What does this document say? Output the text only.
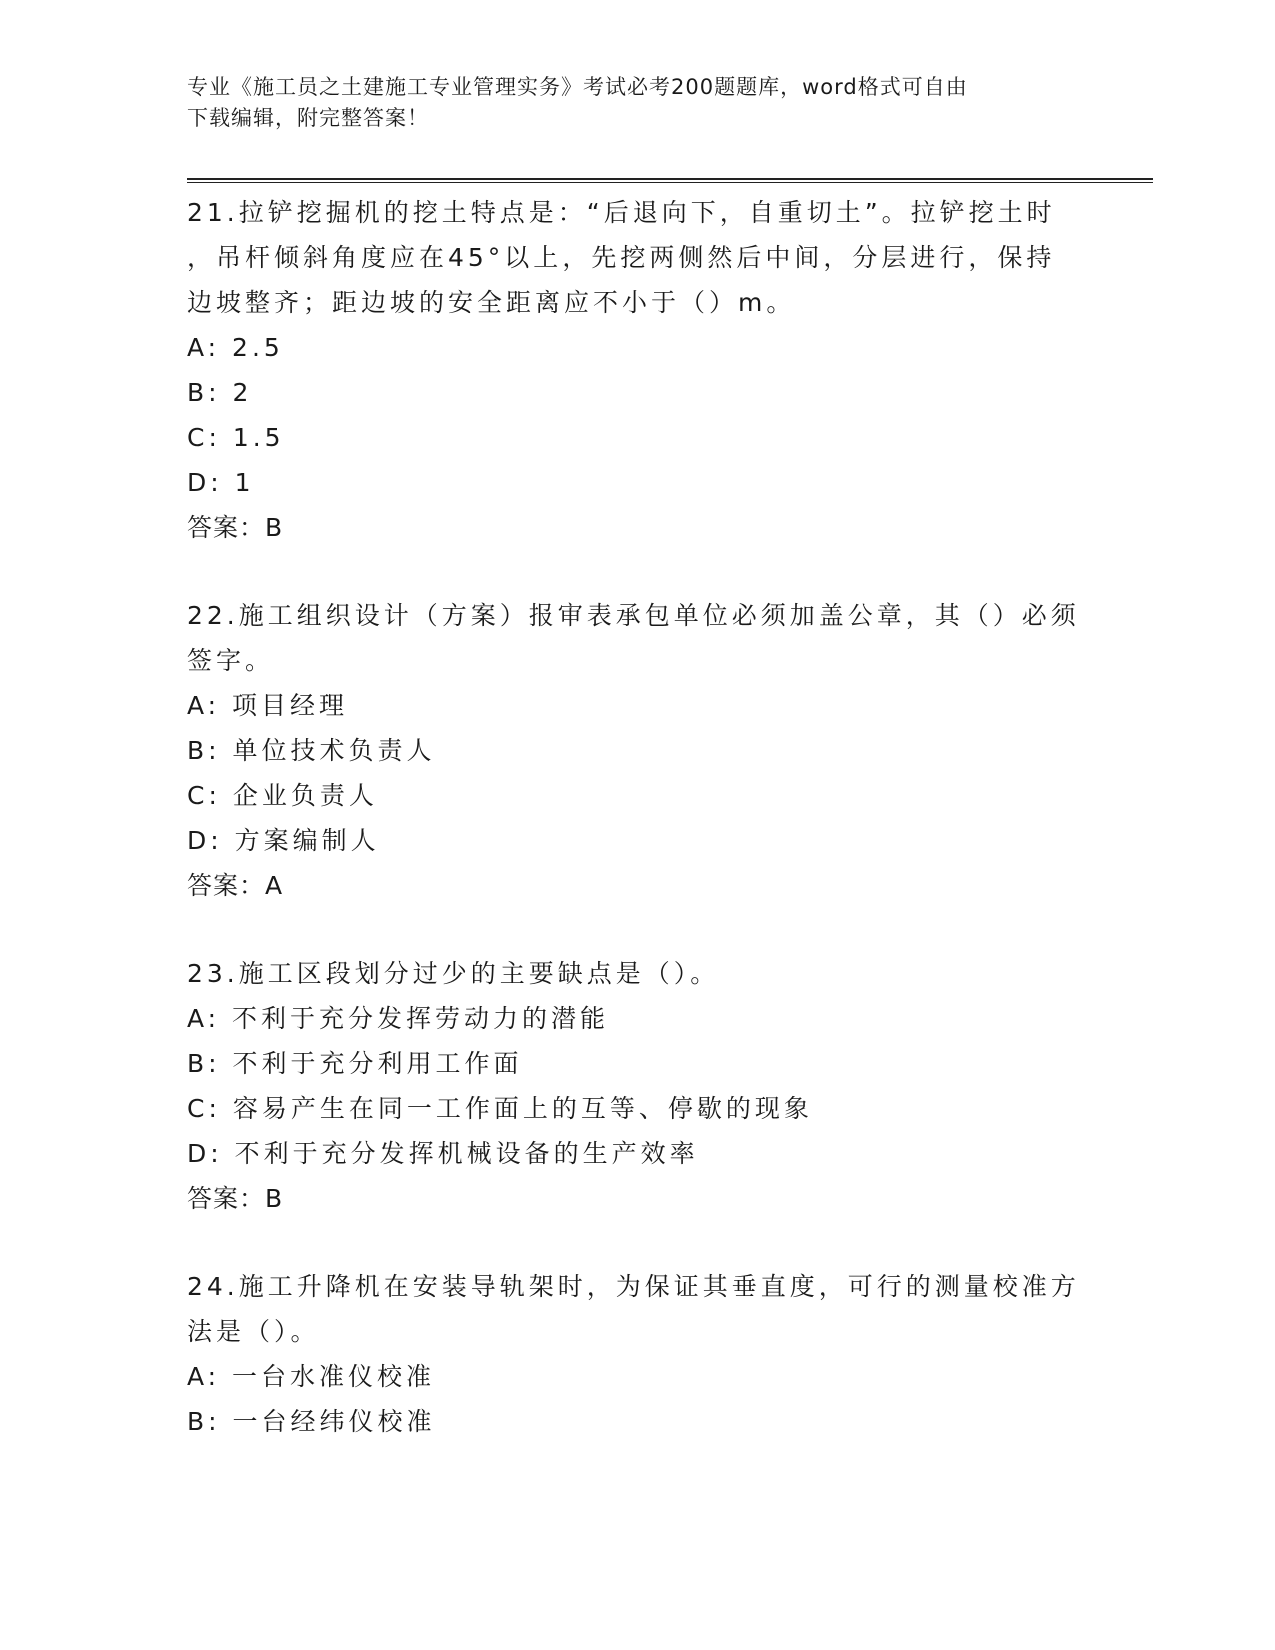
专业《施工员之土建施工专业管理实务》考试必考200题题库，word格式可自由
下载编辑，附完整答案！
21.拉铲挖掘机的挖土特点是：“后退向下，自重切土”。拉铲挖土时
，吊杆倾斜角度应在45°以上，先挖两侧然后中间，分层进行，保持
边坡整齐；距边坡的安全距离应不小于（）m。
A: 2.5
B: 2
C: 1.5
D: 1
答案：B
22.施工组织设计（方案）报审表承包单位必须加盖公章，其（）必须
签字。
A: 项目经理
B: 单位技术负责人
C: 企业负责人
D: 方案编制人
答案：A
23.施工区段划分过少的主要缺点是（）。
A: 不利于充分发挥劳动力的潜能
B: 不利于充分利用工作面
C: 容易产生在同一工作面上的互等、停歇的现象
D: 不利于充分发挥机械设备的生产效率
答案：B
24.施工升降机在安装导轨架时，为保证其垂直度，可行的测量校准方
法是（）。
A: 一台水准仪校准
B: 一台经纬仪校准
